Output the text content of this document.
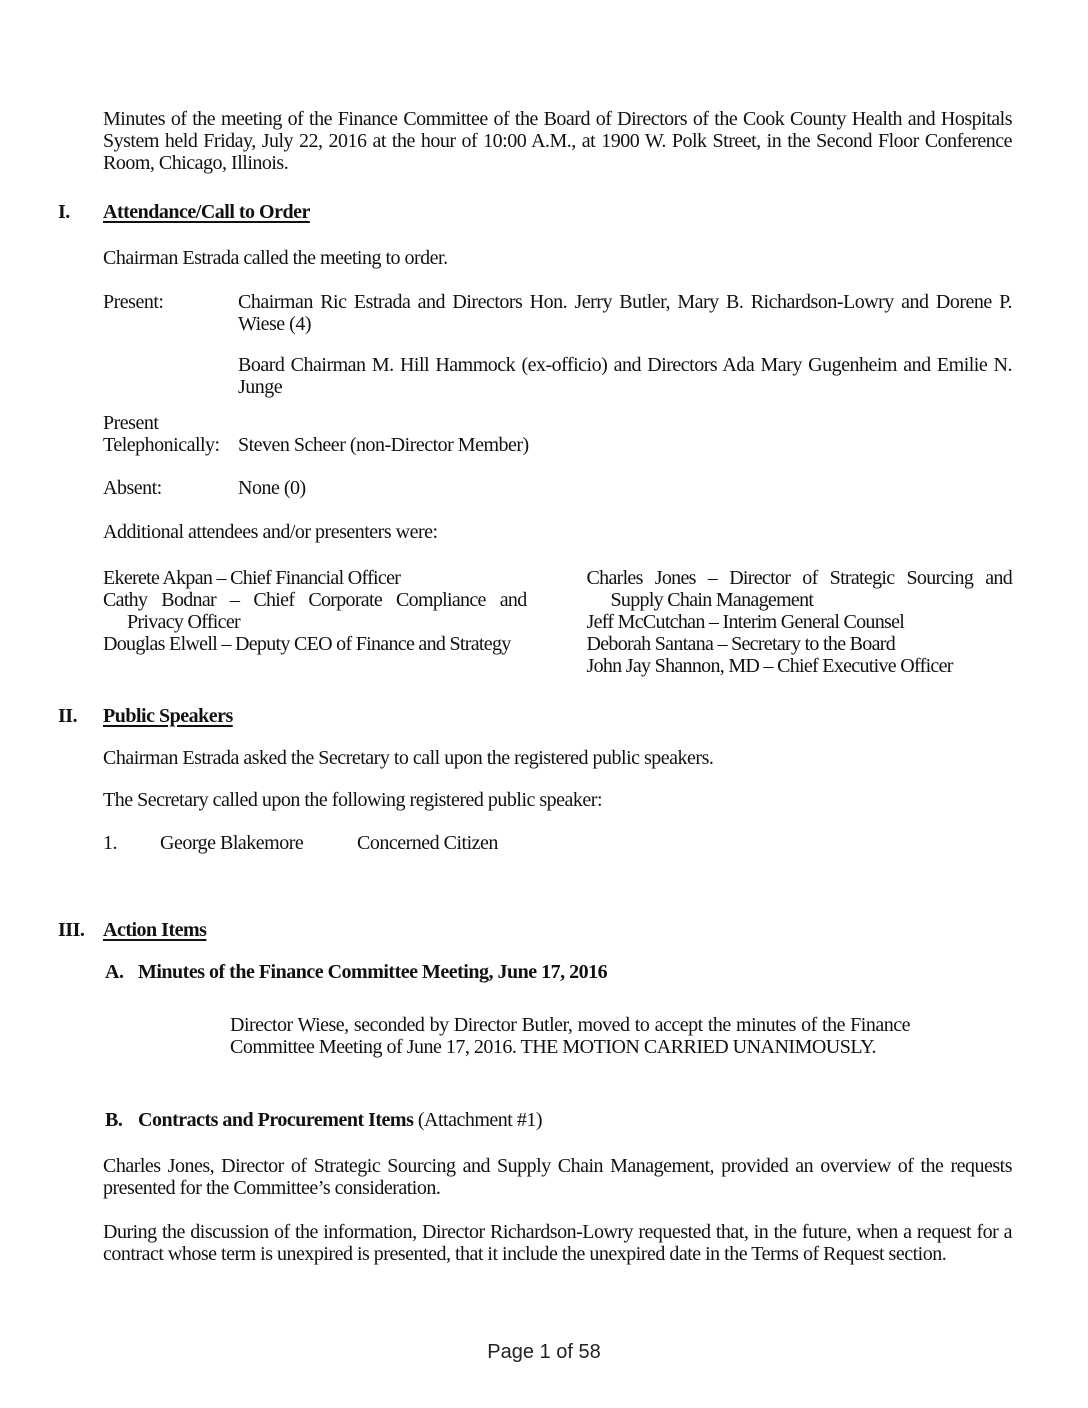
Minutes of the meeting of the Finance Committee of the Board of Directors of the Cook County Health and Hospitals System held Friday, July 22, 2016 at the hour of 10:00 A.M., at 1900 W. Polk Street, in the Second Floor Conference Room, Chicago, Illinois.

I. Attendance/Call to Order

Chairman Estrada called the meeting to order.

Present:	Chairman Ric Estrada and Directors Hon. Jerry Butler, Mary B. Richardson-Lowry and Dorene P. Wiese (4)
Board Chairman M. Hill Hammock (ex-officio) and Directors Ada Mary Gugenheim and Emilie N. Junge
Present
Telephonically: Steven Scheer (non-Director Member)
Absent:	None (0)

Additional attendees and/or presenters were:

Ekerete Akpan – Chief Financial Officer
Cathy Bodnar – Chief Corporate Compliance and Privacy Officer
Douglas Elwell – Deputy CEO of Finance and Strategy
Charles Jones – Director of Strategic Sourcing and Supply Chain Management
Jeff McCutchan – Interim General Counsel
Deborah Santana – Secretary to the Board
John Jay Shannon, MD – Chief Executive Officer
II. Public Speakers

Chairman Estrada asked the Secretary to call upon the registered public speakers.

The Secretary called upon the following registered public speaker:

1.	George Blakemore	Concerned Citizen
III. Action Items
A. Minutes of the Finance Committee Meeting, June 17, 2016

Director Wiese, seconded by Director Butler, moved to accept the minutes of the Finance Committee Meeting of June 17, 2016. THE MOTION CARRIED UNANIMOUSLY.

B. Contracts and Procurement Items (Attachment #1)

Charles Jones, Director of Strategic Sourcing and Supply Chain Management, provided an overview of the requests presented for the Committee’s consideration.

During the discussion of the information, Director Richardson-Lowry requested that, in the future, when a request for a contract whose term is unexpired is presented, that it include the unexpired date in the Terms of Request section.

Page 1 of 58
